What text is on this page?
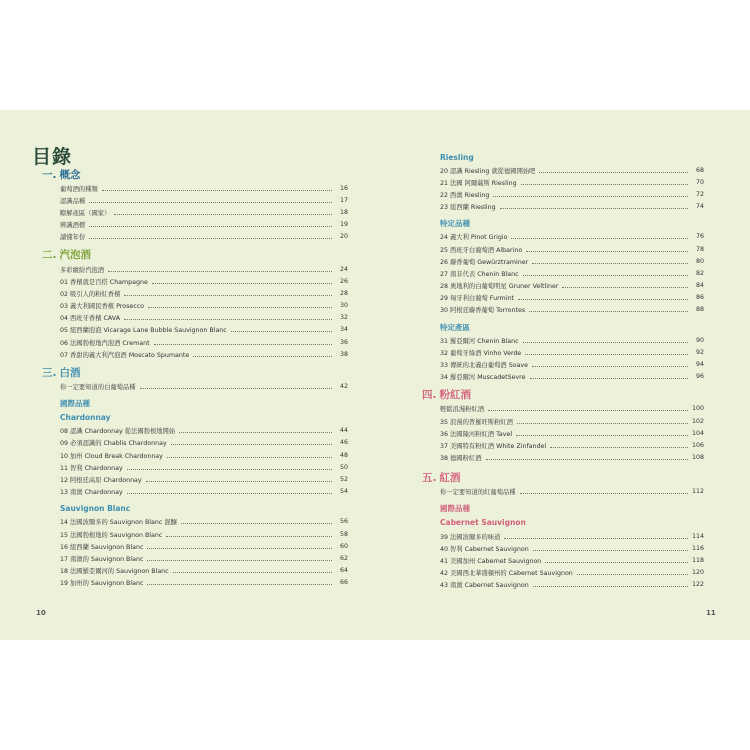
目錄
一. 概念
葡萄酒的種類	16
認識品種	17
瞭解產區（國家）	18
辨識酒標	19
讀懂年份	20
二. 汽泡酒
多彩繽紛汽泡酒	24
01 香檳就是百搭 Champagne	26
02 吸引人的粉紅香檳	28
03 義大利國民香檳 Prosecco	30
04 西班牙香檳 CAVA	32
05 紐西蘭泡泡 Vicarage Lane Bubble Sauvignon Blanc	34
06 法國勃根地汽泡酒 Cremant	36
07 香甜的義大利汽泡酒 Moscato Spumante	38
三. 白酒
你一定要知道的白葡萄品種	42
國際品種
Chardonnay
08 認識 Chardonnay 從法國勃根地開始	44
09 必須認識的 Chablis Chardonnay	46
10 加州 Cloud Break Chardonnay	48
11 智利 Chardonnay	50
12 阿根廷高原 Chardonnay	52
13 南澳 Chardonnay	54
Sauvignon Blanc
14 法國波爾多的 Sauvignon Blanc 混釀	56
15 法國勃根地的 Sauvignon Blanc	58
16 紐西蘭 Sauvignon Blanc	60
17 南澳的 Sauvignon Blanc	62
18 法國羅亞爾河的 Sauvignon Blanc	64
19 加州的 Sauvignon Blanc	66
Riesling
20 認識 Riesling 就從德國開始吧	68
21 法國 阿爾薩斯 Riesling	70
22 西澳 Riesling	72
23 紐西蘭 Riesling	74
特定品種
24 義大利 Pinot Grigio	76
25 西班牙白葡萄酒 Albarino	78
26 麝香葡萄 Gewürztraminer	80
27 南非代表 Chenin Blanc	82
28 奧地利的白葡萄明星 Gruner Veltliner	84
29 匈牙利白葡萄 Furmint	86
30 阿根廷麝香葡萄 Torrontes	88
特定產區
31 羅亞爾河 Chenin Blanc	90
32 葡萄牙綠酒 Vinho Verde	92
33 傳統的北義白葡萄酒 Soave	94
34 羅亞爾河 MuscadetSevre	96
四. 粉紅酒
輕鬆浪漫粉紅酒	100
35 浪漫的普羅旺斯粉紅酒	102
36 法國隆河粉紅酒 Tavel	104
37 美國特有粉紅酒 White Zinfandel	106
38 德國粉紅酒	108
五. 紅酒
你一定要知道的紅葡萄品種	112
國際品種
Cabernet Sauvignon
39 法國波爾多的味道	114
40 智利 Cabernet Sauvignon	116
41 美國加州 Cabernet Sauvignon	118
42 美國西北華盛頓州的 Cabernet Sauvignon	120
43 南澳 Cabernet Sauvignon	122
10	11
